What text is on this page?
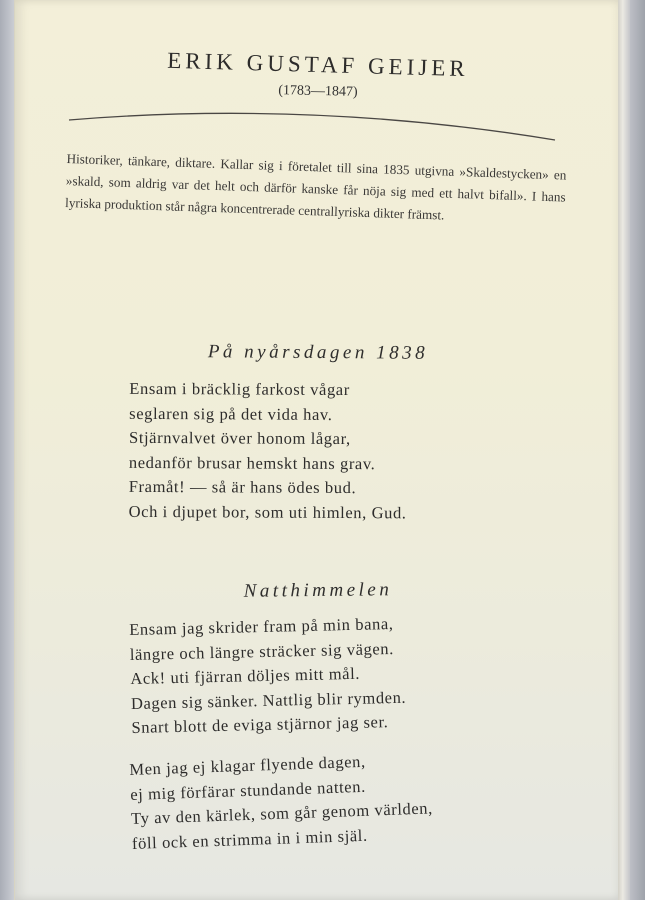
ERIK GUSTAF GEIJER
(1783—1847)

Historiker, tänkare, diktare. Kallar sig i företalet till sina 1835 utgivna »Skaldestycken» en »skald, som aldrig var det helt och därför kanske får nöja sig med ett halvt bifall». I hans lyriska produktion står några koncentrerade centrallyriska dikter främst.

På nyårsdagen 1838
Ensam i bräcklig farkost vågar
seglaren sig på det vida hav.
Stjärnvalvet över honom lågar,
nedanför brusar hemskt hans grav.
Framåt! — så är hans ödes bud.
Och i djupet bor, som uti himlen, Gud.
Natthimmelen
Ensam jag skrider fram på min bana,
längre och längre sträcker sig vägen.
Ack! uti fjärran döljes mitt mål.
Dagen sig sänker. Nattlig blir rymden.
Snart blott de eviga stjärnor jag ser.
Men jag ej klagar flyende dagen,
ej mig förfärar stundande natten.
Ty av den kärlek, som går genom världen,
föll ock en strimma in i min själ.
